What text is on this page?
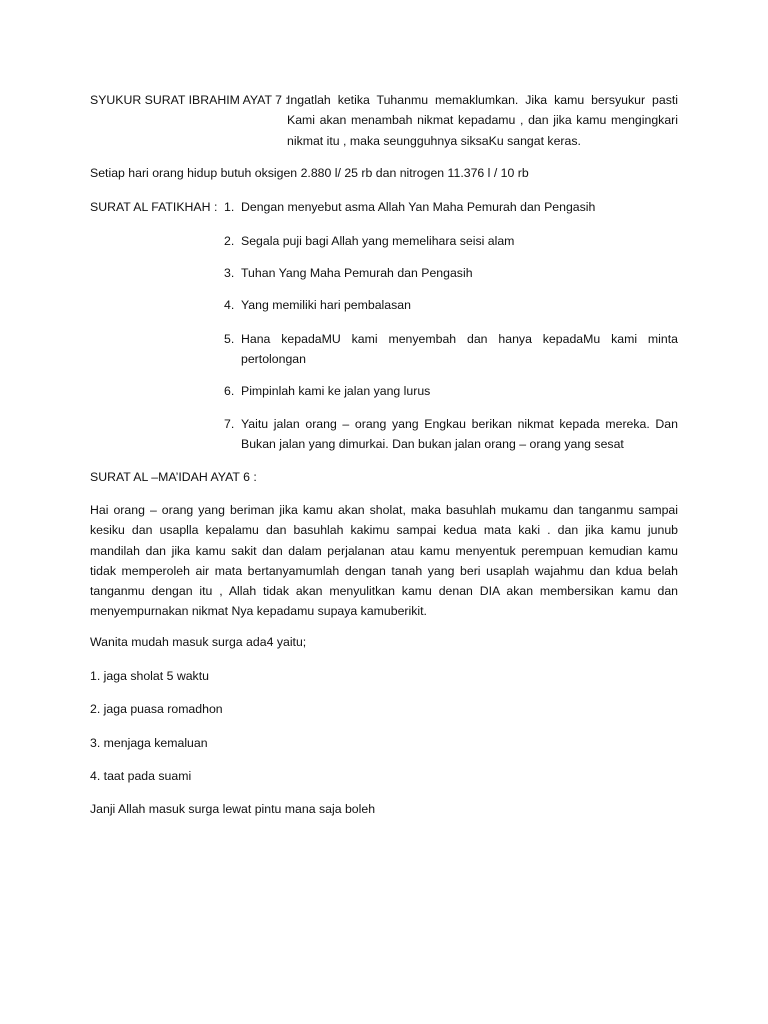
SYUKUR SURAT IBRAHIM AYAT 7 :
Ingatlah ketika Tuhanmu memaklumkan. Jika kamu bersyukur pasti
Kami akan menambah nikmat kepadamu , dan jika kamu mengingkari
nikmat itu , maka seungguhnya siksaKu sangat keras.
Setiap hari orang hidup butuh oksigen 2.880 l/ 25 rb dan nitrogen 11.376 l / 10 rb
SURAT AL FATIKHAH : 1. Dengan menyebut asma Allah Yan Maha Pemurah dan Pengasih
2. Segala puji bagi Allah yang memelihara seisi alam
3. Tuhan Yang Maha Pemurah dan Pengasih
4. Yang memiliki hari pembalasan
5. Hana kepadaMU kami menyembah dan hanya kepadaMu kami minta
pertolongan
6. Pimpinlah kami ke jalan yang lurus
7. Yaitu jalan orang – orang yang Engkau berikan nikmat kepada mereka. Dan
Bukan jalan yang dimurkai. Dan bukan jalan orang – orang yang sesat
SURAT AL –MA’IDAH AYAT 6 :
Hai orang – orang yang beriman jika kamu akan sholat, maka basuhlah mukamu dan tanganmu sampai
kesiku dan usaplla kepalamu dan basuhlah kakimu sampai kedua mata kaki . dan jika kamu junub
mandilah dan jika kamu sakit dan dalam perjalanan atau kamu menyentuk perempuan kemudian kamu
tidak memperoleh air mata bertanyamumlah dengan tanah yang beri usaplah wajahmu dan kdua belah
tanganmu dengan itu , Allah tidak akan menyulitkan kamu denan DIA akan membersikan kamu dan
menyempurnakan nikmat Nya kepadamu supaya kamuberikit.
Wanita mudah masuk surga ada4 yaitu;
1. jaga sholat 5 waktu
2. jaga puasa romadhon
3. menjaga kemaluan
4. taat pada suami
Janji Allah masuk surga lewat pintu mana saja boleh
